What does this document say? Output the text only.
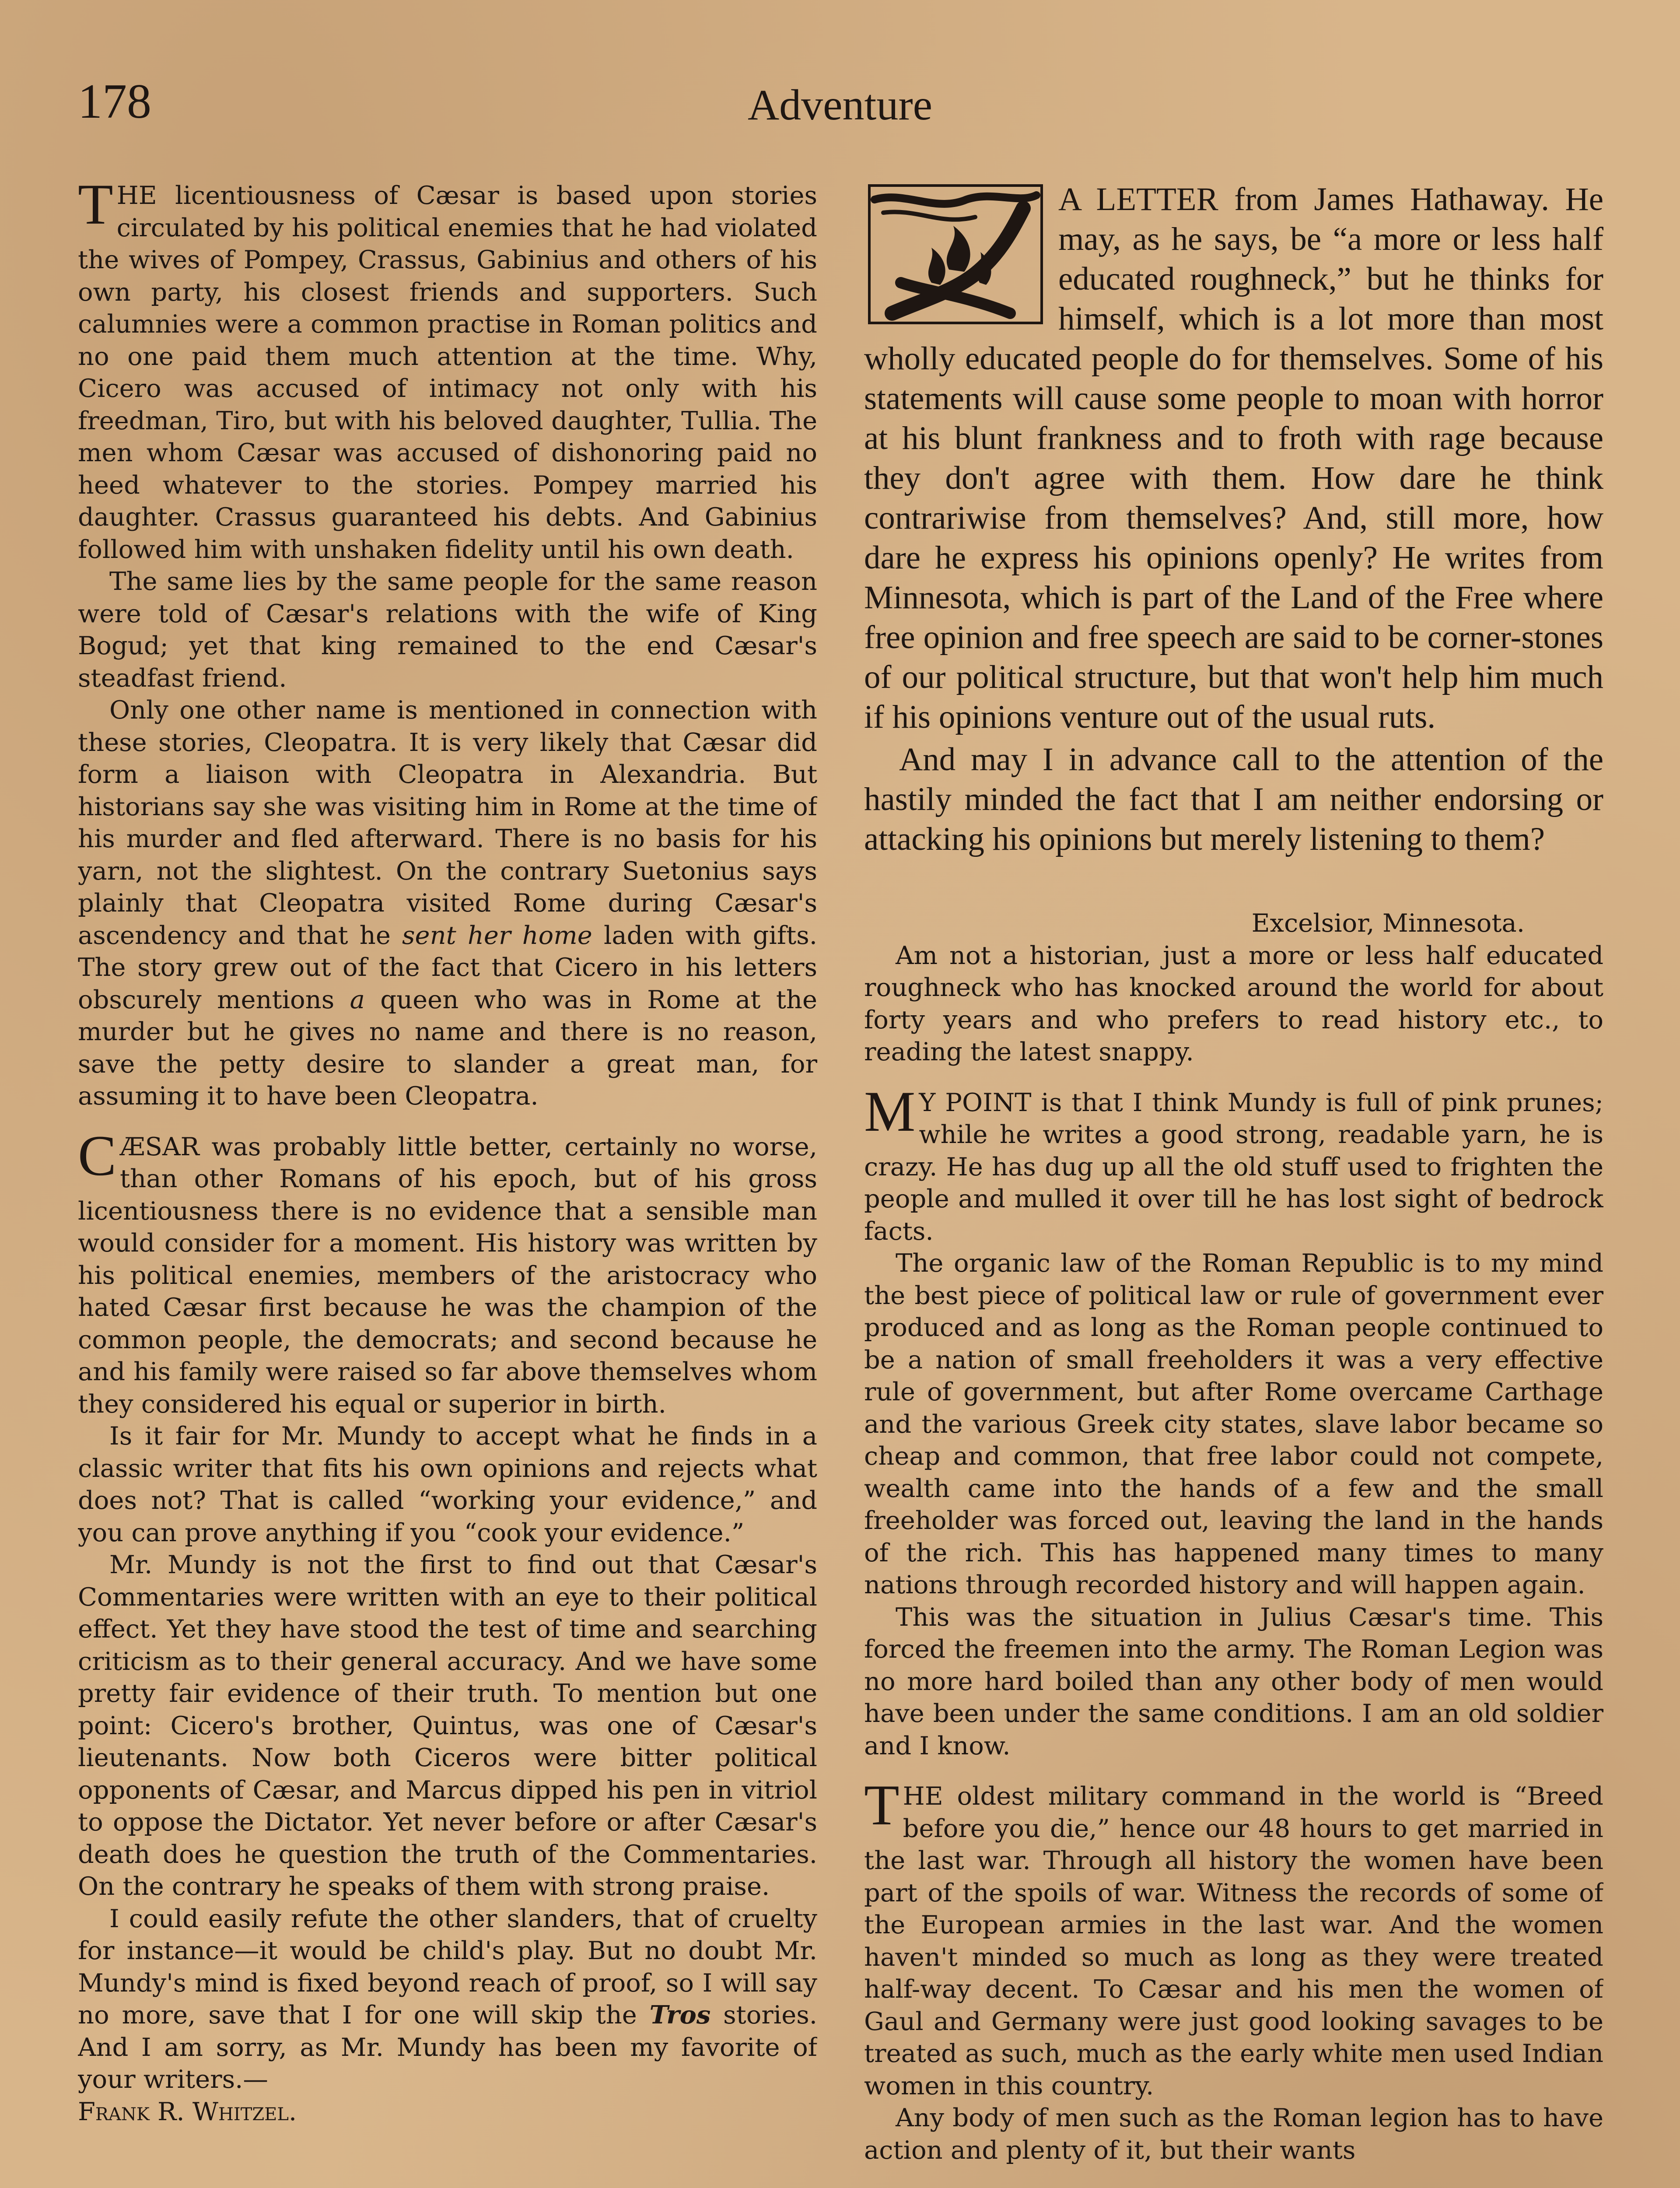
178	Adventure

THE licentiousness of Cæsar is based upon stories circulated by his political enemies that he had violated the wives of Pompey, Crassus, Gabinius and others of his own party, his closest friends and supporters. Such calumnies were a common practise in Roman politics and no one paid them much attention at the time. Why, Cicero was accused of intimacy not only with his freedman, Tiro, but with his beloved daughter, Tullia. The men whom Cæsar was accused of dishonoring paid no heed whatever to the stories. Pompey married his daughter. Crassus guaranteed his debts. And Gabinius followed him with unshaken fidelity until his own death.

The same lies by the same people for the same reason were told of Cæsar's relations with the wife of King Bogud; yet that king remained to the end Cæsar's steadfast friend.

Only one other name is mentioned in connection with these stories, Cleopatra. It is very likely that Cæsar did form a liaison with Cleopatra in Alexandria. But historians say she was visiting him in Rome at the time of his murder and fled afterward. There is no basis for his yarn, not the slightest. On the contrary Suetonius says plainly that Cleopatra visited Rome during Cæsar's ascendency and that he sent her home laden with gifts. The story grew out of the fact that Cicero in his letters obscurely mentions a queen who was in Rome at the murder but he gives no name and there is no reason, save the petty desire to slander a great man, for assuming it to have been Cleopatra.

CÆSAR was probably little better, certainly no worse, than other Romans of his epoch, but of his gross licentiousness there is no evidence that a sensible man would consider for a moment. His history was written by his political enemies, members of the aristocracy who hated Cæsar first because he was the champion of the common people, the democrats; and second because he and his family were raised so far above themselves whom they considered his equal or superior in birth.

Is it fair for Mr. Mundy to accept what he finds in a classic writer that fits his own opinions and rejects what does not? That is called “working your evidence,” and you can prove anything if you “cook your evidence.”

Mr. Mundy is not the first to find out that Cæsar's Commentaries were written with an eye to their political effect. Yet they have stood the test of time and searching criticism as to their general accuracy. And we have some pretty fair evidence of their truth. To mention but one point: Cicero's brother, Quintus, was one of Cæsar's lieutenants. Now both Ciceros were bitter political opponents of Cæsar, and Marcus dipped his pen in vitriol to oppose the Dictator. Yet never before or after Cæsar's death does he question the truth of the Commentaries. On the contrary he speaks of them with strong praise.

I could easily refute the other slanders, that of cruelty for instance—it would be child's play. But no doubt Mr. Mundy's mind is fixed beyond reach of proof, so I will say no more, save that I for one will skip the Tros stories. And I am sorry, as Mr. Mundy has been my favorite of your writers.—

Frank R. Whitzel.

A LETTER from James Hathaway. He may, as he says, be “a more or less half educated roughneck,” but he thinks for himself, which is a lot more than most wholly educated people do for themselves. Some of his statements will cause some people to moan with horror at his blunt frankness and to froth with rage because they don't agree with them. How dare he think contrariwise from themselves? And, still more, how dare he express his opinions openly? He writes from Minnesota, which is part of the Land of the Free where free opinion and free speech are said to be corner-stones of our political structure, but that won't help him much if his opinions venture out of the usual ruts.

And may I in advance call to the attention of the hastily minded the fact that I am neither endorsing or attacking his opinions but merely listening to them?

Excelsior, Minnesota.

Am not a historian, just a more or less half educated roughneck who has knocked around the world for about forty years and who prefers to read history etc., to reading the latest snappy.

M Y POINT is that I think Mundy is full of pink prunes; while he writes a good strong, readable yarn, he is crazy. He has dug up all the old stuff used to frighten the people and mulled it over till he has lost sight of bedrock facts.

The organic law of the Roman Republic is to my mind the best piece of political law or rule of government ever produced and as long as the Roman people continued to be a nation of small freeholders it was a very effective rule of government, but after Rome overcame Carthage and the various Greek city states, slave labor became so cheap and common, that free labor could not compete, wealth came into the hands of a few and the small freeholder was forced out, leaving the land in the hands of the rich. This has happened many times to many nations through recorded history and will happen again.

This was the situation in Julius Cæsar's time. This forced the freemen into the army. The Roman Legion was no more hard boiled than any other body of men would have been under the same conditions. I am an old soldier and I know.

THE oldest military command in the world is “Breed before you die,” hence our 48 hours to get married in the last war. Through all history the women have been part of the spoils of war. Witness the records of some of the European armies in the last war. And the women haven't minded so much as long as they were treated half-way decent. To Cæsar and his men the women of Gaul and Germany were just good looking savages to be treated as such, much as the early white men used Indian women in this country.

Any body of men such as the Roman legion has to have action and plenty of it, but their wants
